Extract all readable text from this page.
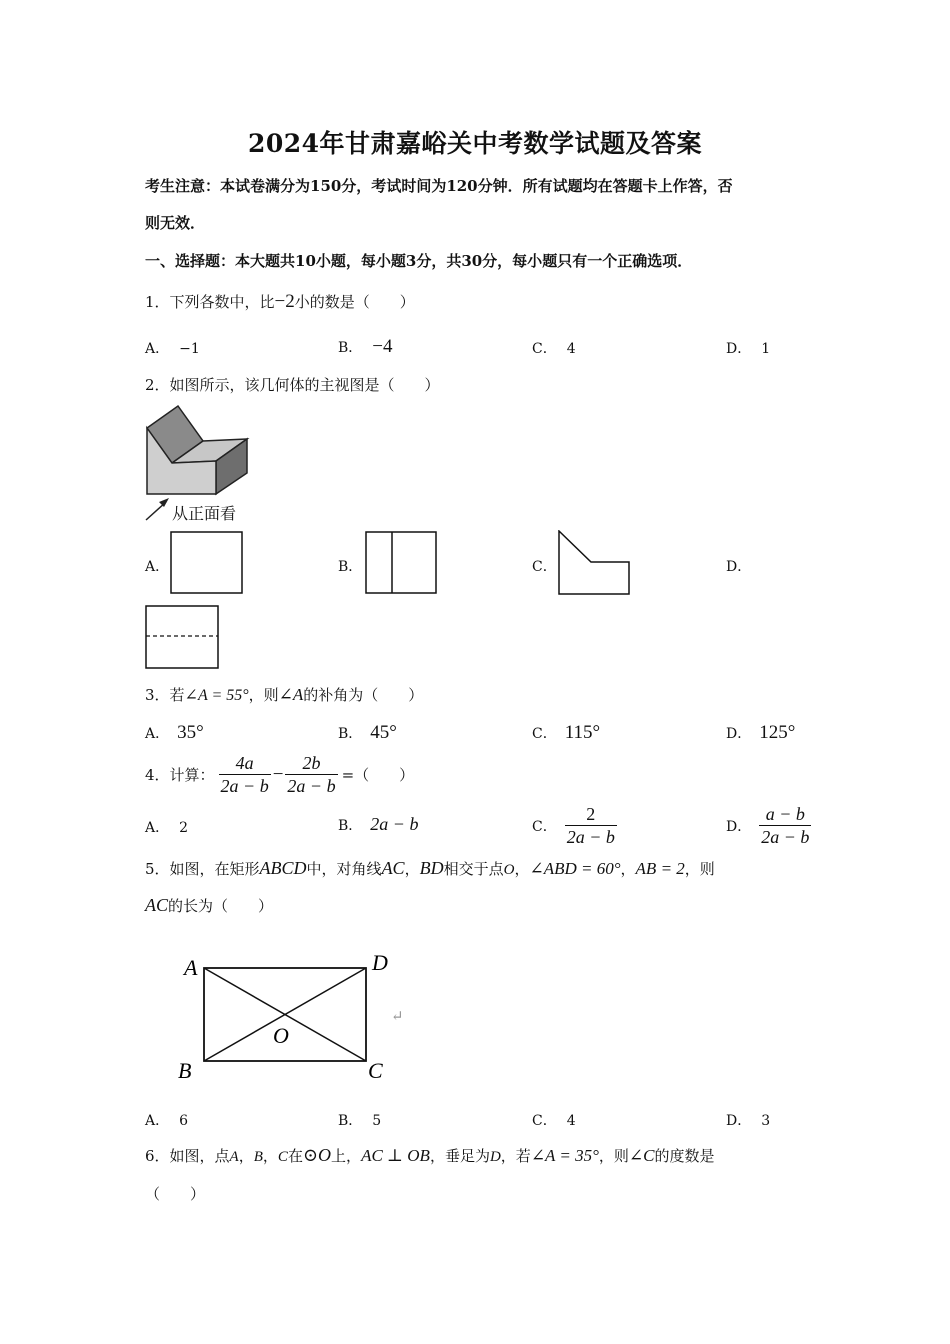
2024年甘肃嘉峪关中考数学试题及答案
考生注意：本试卷满分为150分，考试时间为120分钟．所有试题均在答题卡上作答，否
则无效．
一、选择题：本大题共10小题，每小题3分，共30分，每小题只有一个正确选项．
1．下列各数中，比−2小的数是（　　）
A． −1	B． −4	C． 4	D． 1
2．如图所示，该几何体的主视图是（　　）
从正面看
A．	B．	C．	D．
3．若∠A = 55°，则∠A的补角为（　　）
A． 35°	B． 45°	C． 115°	D． 125°
4．计算： $\frac{4a}{2a - b} - \frac{2b}{2a - b}$ =（　　）
A． 2	B． 2a − b	C． $\frac{2}{2a - b}$	D． $\frac{a - b}{2a - b}$
5．如图，在矩形ABCD中，对角线AC，BD相交于点O，∠ABD = 60°，AB = 2，则
AC的长为（　　）
A	D
B	C
O
↵
A． 6	B． 5	C． 4	D． 3
6．如图，点A，B，C在⊙O上，AC ⊥ OB，垂足为D，若∠A = 35°，则∠C的度数是
（　　）
